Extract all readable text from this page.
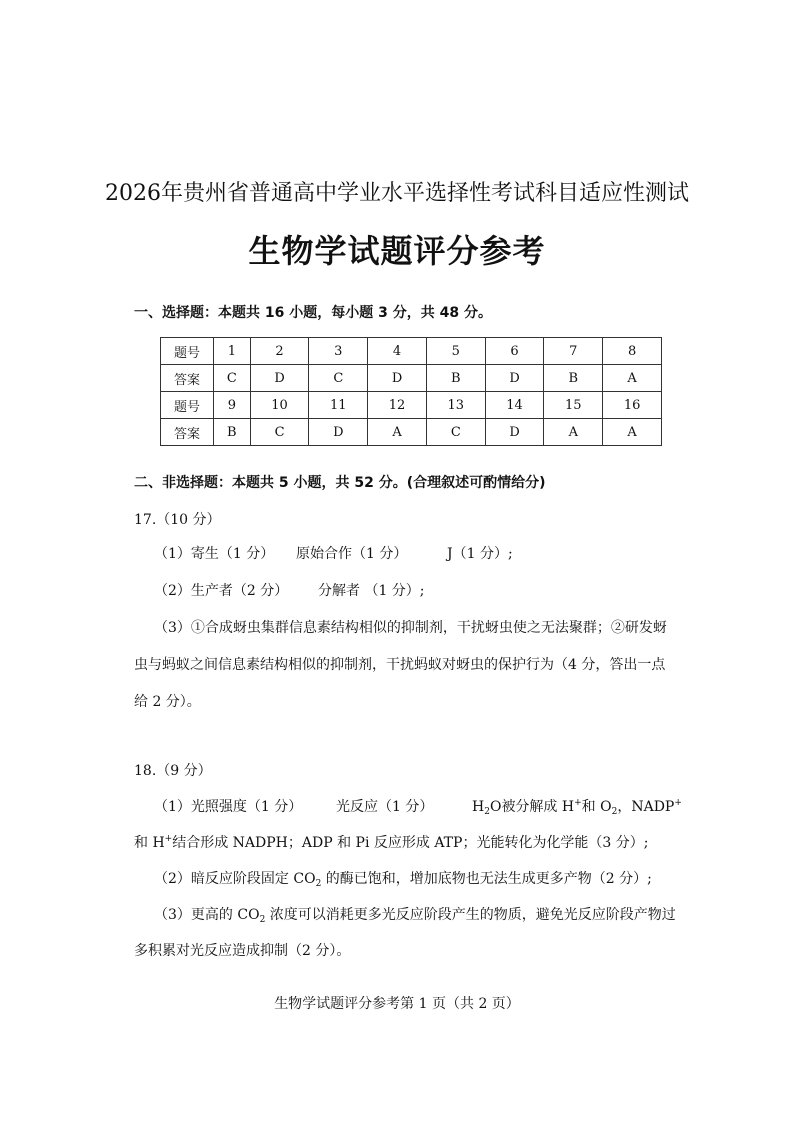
2026年贵州省普通高中学业水平选择性考试科目适应性测试
生物学试题评分参考
一、选择题：本题共 16 小题，每小题 3 分，共 48 分。
题号	1	2	3	4	5	6	7	8
答案	C	D	C	D	B	D	B	A
题号	9	10	11	12	13	14	15	16
答案	B	C	D	A	C	D	A	A
二、非选择题：本题共 5 小题，共 52 分。(合理叙述可酌情给分)
17.（10 分）
（1）寄生（1 分） 原始合作（1 分）	J（1 分）;
（2）生产者（2 分） 分解者 （1 分）;
（3）①合成蚜虫集群信息素结构相似的抑制剂，干扰蚜虫使之无法聚群；②研发蚜
虫与蚂蚁之间信息素结构相似的抑制剂，干扰蚂蚁对蚜虫的保护行为（4 分，答出一点
给 2 分）。
18.（9 分）
（1）光照强度（1 分） 光反应（1 分）	$H_2O$被分解成 H+和 $O_2$，NADP+
和 H+结合形成 NADPH；ADP 和 Pi 反应形成 ATP；光能转化为化学能（3 分）;
（2）暗反应阶段固定 $CO_2$ 的酶已饱和，增加底物也无法生成更多产物（2 分）;
（3）更高的 $CO_2$ 浓度可以消耗更多光反应阶段产生的物质，避免光反应阶段产物过
多积累对光反应造成抑制（2 分）。
生物学试题评分参考第 1 页（共 2 页）
